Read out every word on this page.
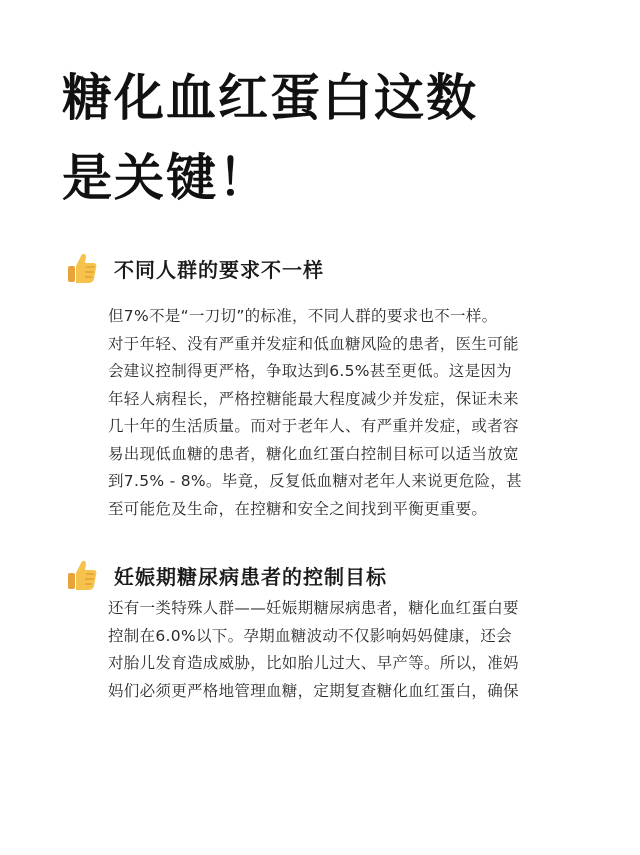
糖化血红蛋白这数
是关键！
不同人群的要求不一样
但7%不是“一刀切”的标准，不同人群的要求也不一样。
对于年轻、没有严重并发症和低血糖风险的患者，医生可能
会建议控制得更严格，争取达到6.5%甚至更低。这是因为
年轻人病程长，严格控糖能最大程度减少并发症，保证未来
几十年的生活质量。而对于老年人、有严重并发症，或者容
易出现低血糖的患者，糖化血红蛋白控制目标可以适当放宽
到7.5% - 8%。毕竟，反复低血糖对老年人来说更危险，甚
至可能危及生命，在控糖和安全之间找到平衡更重要。
妊娠期糖尿病患者的控制目标
还有一类特殊人群——妊娠期糖尿病患者，糖化血红蛋白要
控制在6.0%以下。孕期血糖波动不仅影响妈妈健康，还会
对胎儿发育造成威胁，比如胎儿过大、早产等。所以，准妈
妈们必须更严格地管理血糖，定期复查糖化血红蛋白，确保
